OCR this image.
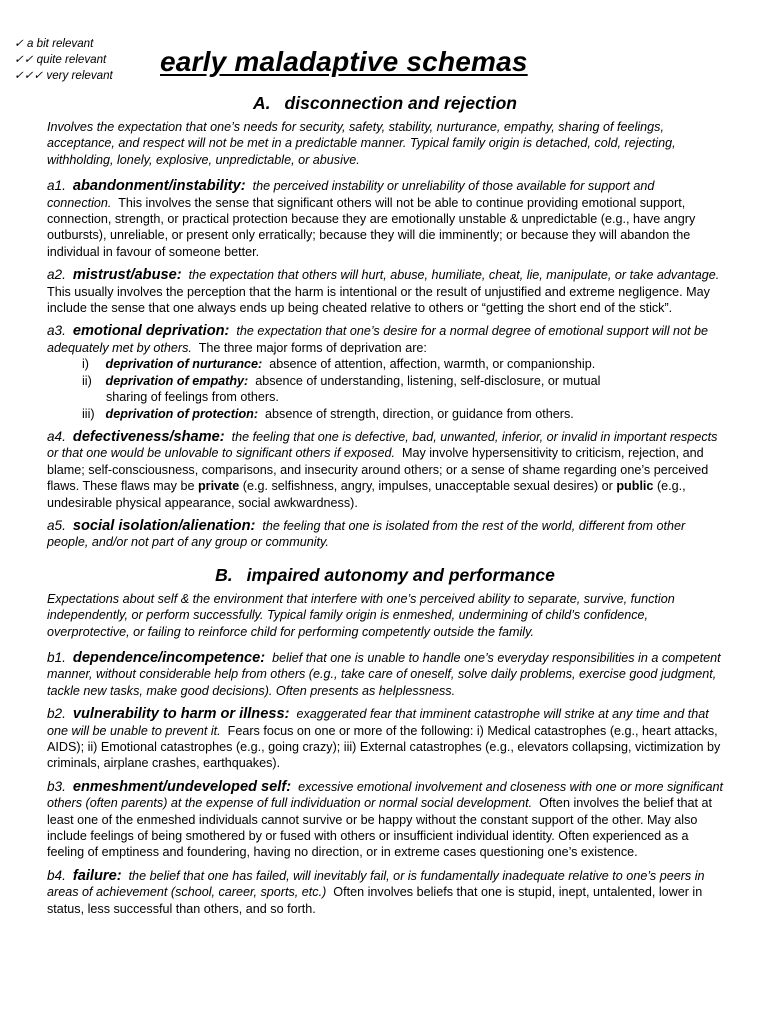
✓ a bit relevant
✓✓ quite relevant
✓✓✓ very relevant early maladaptive schemas

A. disconnection and rejection

Involves the expectation that one’s needs for security, safety, stability, nurturance, empathy, sharing of feelings, acceptance, and respect will not be met in a predictable manner. Typical family origin is detached, cold, rejecting, withholding, lonely, explosive, unpredictable, or abusive.

a1. abandonment/instability: the perceived instability or unreliability of those available for support and connection. This involves the sense that significant others will not be able to continue providing emotional support, connection, strength, or practical protection because they are emotionally unstable & unpredictable (e.g., have angry outbursts), unreliable, or present only erratically; because they will die imminently; or because they will abandon the individual in favour of someone better.

a2. mistrust/abuse: the expectation that others will hurt, abuse, humiliate, cheat, lie, manipulate, or take advantage.  This usually involves the perception that the harm is intentional or the result of unjustified and extreme negligence. May include the sense that one always ends up being cheated relative to others or “getting the short end of the stick”.

a3. emotional deprivation: the expectation that one’s desire for a normal degree of emotional support will not be adequately met by others. The three major forms of deprivation are:

i) deprivation of nurturance: absence of attention, affection, warmth, or companionship.

ii) deprivation of empathy: absence of understanding, listening, self-disclosure, or mutual

sharing of feelings from others.

iii) deprivation of protection: absence of strength, direction, or guidance from others.

a4. defectiveness/shame: the feeling that one is defective, bad, unwanted, inferior, or invalid in important respects or that one would be unlovable to significant others if exposed. May involve hypersensitivity to criticism, rejection, and blame; self-consciousness, comparisons, and insecurity around others; or a sense of shame regarding one’s perceived flaws. These flaws may be private (e.g. selfishness, angry, impulses, unacceptable sexual desires) or public (e.g., undesirable physical appearance, social awkwardness).

a5. social isolation/alienation: the feeling that one is isolated from the rest of the world, different from other people, and/or not part of any group or community.

B. impaired autonomy and performance

Expectations about self & the environment that interfere with one’s perceived ability to separate, survive, function independently, or perform successfully. Typical family origin is enmeshed, undermining of child’s confidence, overprotective, or failing to reinforce child for performing competently outside the family.

b1. dependence/incompetence: belief that one is unable to handle one’s everyday responsibilities in a competent manner, without considerable help from others (e.g., take care of oneself, solve daily problems, exercise good judgment, tackle new tasks, make good decisions). Often presents as helplessness.

b2. vulnerability to harm or illness: exaggerated fear that imminent catastrophe will strike at any time and that one will be unable to prevent it. Fears focus on one or more of the following: i) Medical catastrophes (e.g., heart attacks, AIDS); ii) Emotional catastrophes (e.g., going crazy); iii) External catastrophes (e.g., elevators collapsing, victimization by criminals, airplane crashes, earthquakes).

b3. enmeshment/undeveloped self: excessive emotional involvement and closeness with one or more significant others (often parents) at the expense of full individuation or normal social development. Often involves the belief that at least one of the enmeshed individuals cannot survive or be happy without the constant support of the other. May also include feelings of being smothered by or fused with others or insufficient individual identity. Often experienced as a feeling of emptiness and foundering, having no direction, or in extreme cases questioning one’s existence.

b4. failure: the belief that one has failed, will inevitably fail, or is fundamentally inadequate relative to one’s peers in areas of achievement (school, career, sports, etc.) Often involves beliefs that one is stupid, inept, untalented, lower in status, less successful than others, and so forth.
